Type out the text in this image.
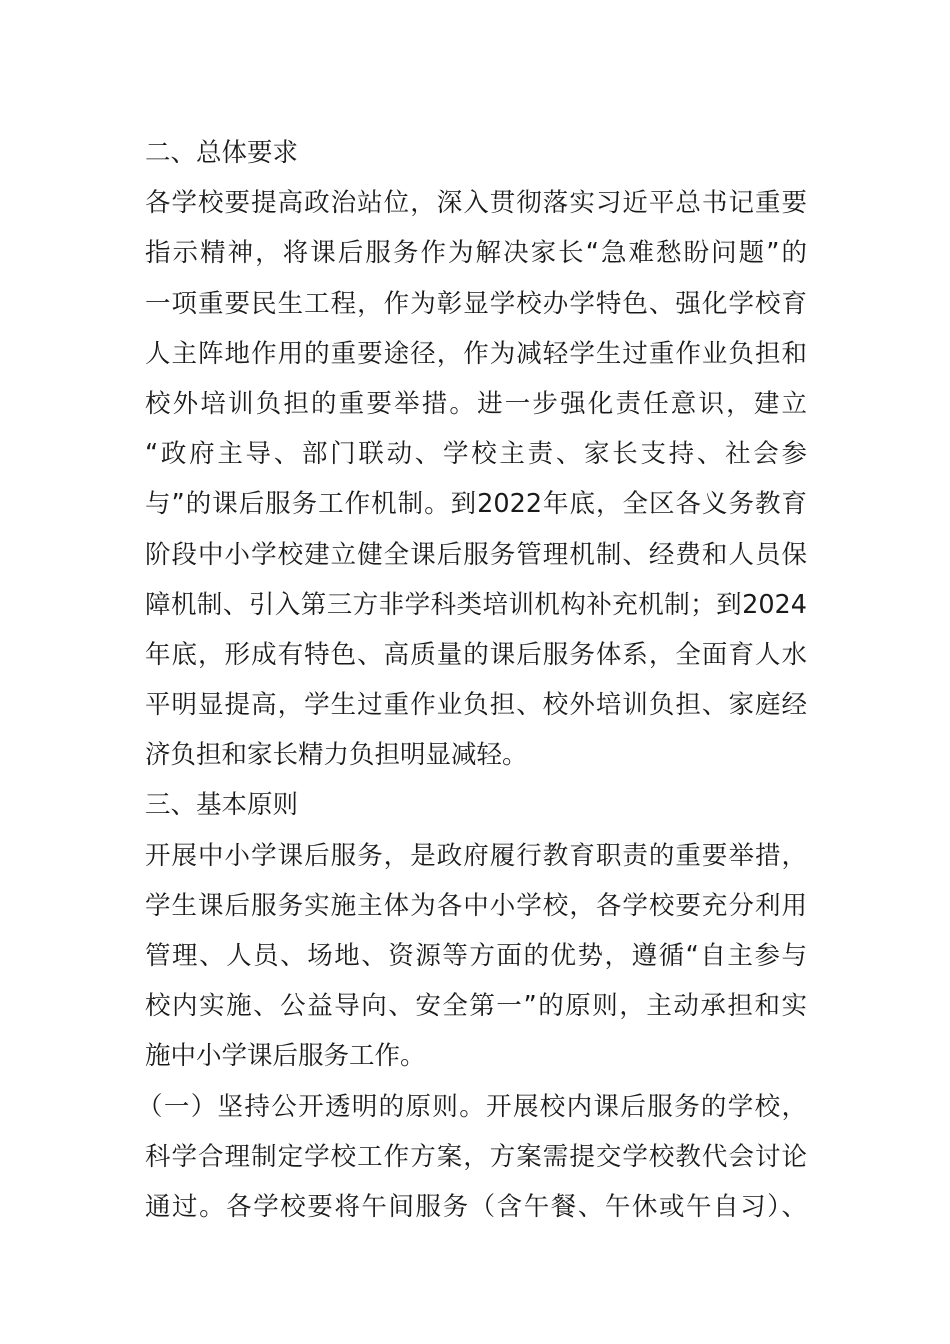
二、总体要求
各学校要提高政治站位，深入贯彻落实习近平总书记重要
指示精神，将课后服务作为解决家长“急难愁盼问题”的
一项重要民生工程，作为彰显学校办学特色、强化学校育
人主阵地作用的重要途径，作为减轻学生过重作业负担和
校外培训负担的重要举措。进一步强化责任意识，建立
“政府主导、部门联动、学校主责、家长支持、社会参
与”的课后服务工作机制。到2022年底，全区各义务教育
阶段中小学校建立健全课后服务管理机制、经费和人员保
障机制、引入第三方非学科类培训机构补充机制；到2024
年底，形成有特色、高质量的课后服务体系，全面育人水
平明显提高，学生过重作业负担、校外培训负担、家庭经
济负担和家长精力负担明显减轻。
三、基本原则
开展中小学课后服务，是政府履行教育职责的重要举措，
学生课后服务实施主体为各中小学校，各学校要充分利用
管理、人员、场地、资源等方面的优势，遵循“自主参与
校内实施、公益导向、安全第一”的原则，主动承担和实
施中小学课后服务工作。
（一）坚持公开透明的原则。开展校内课后服务的学校，
科学合理制定学校工作方案，方案需提交学校教代会讨论
通过。各学校要将午间服务（含午餐、午休或午自习）、
